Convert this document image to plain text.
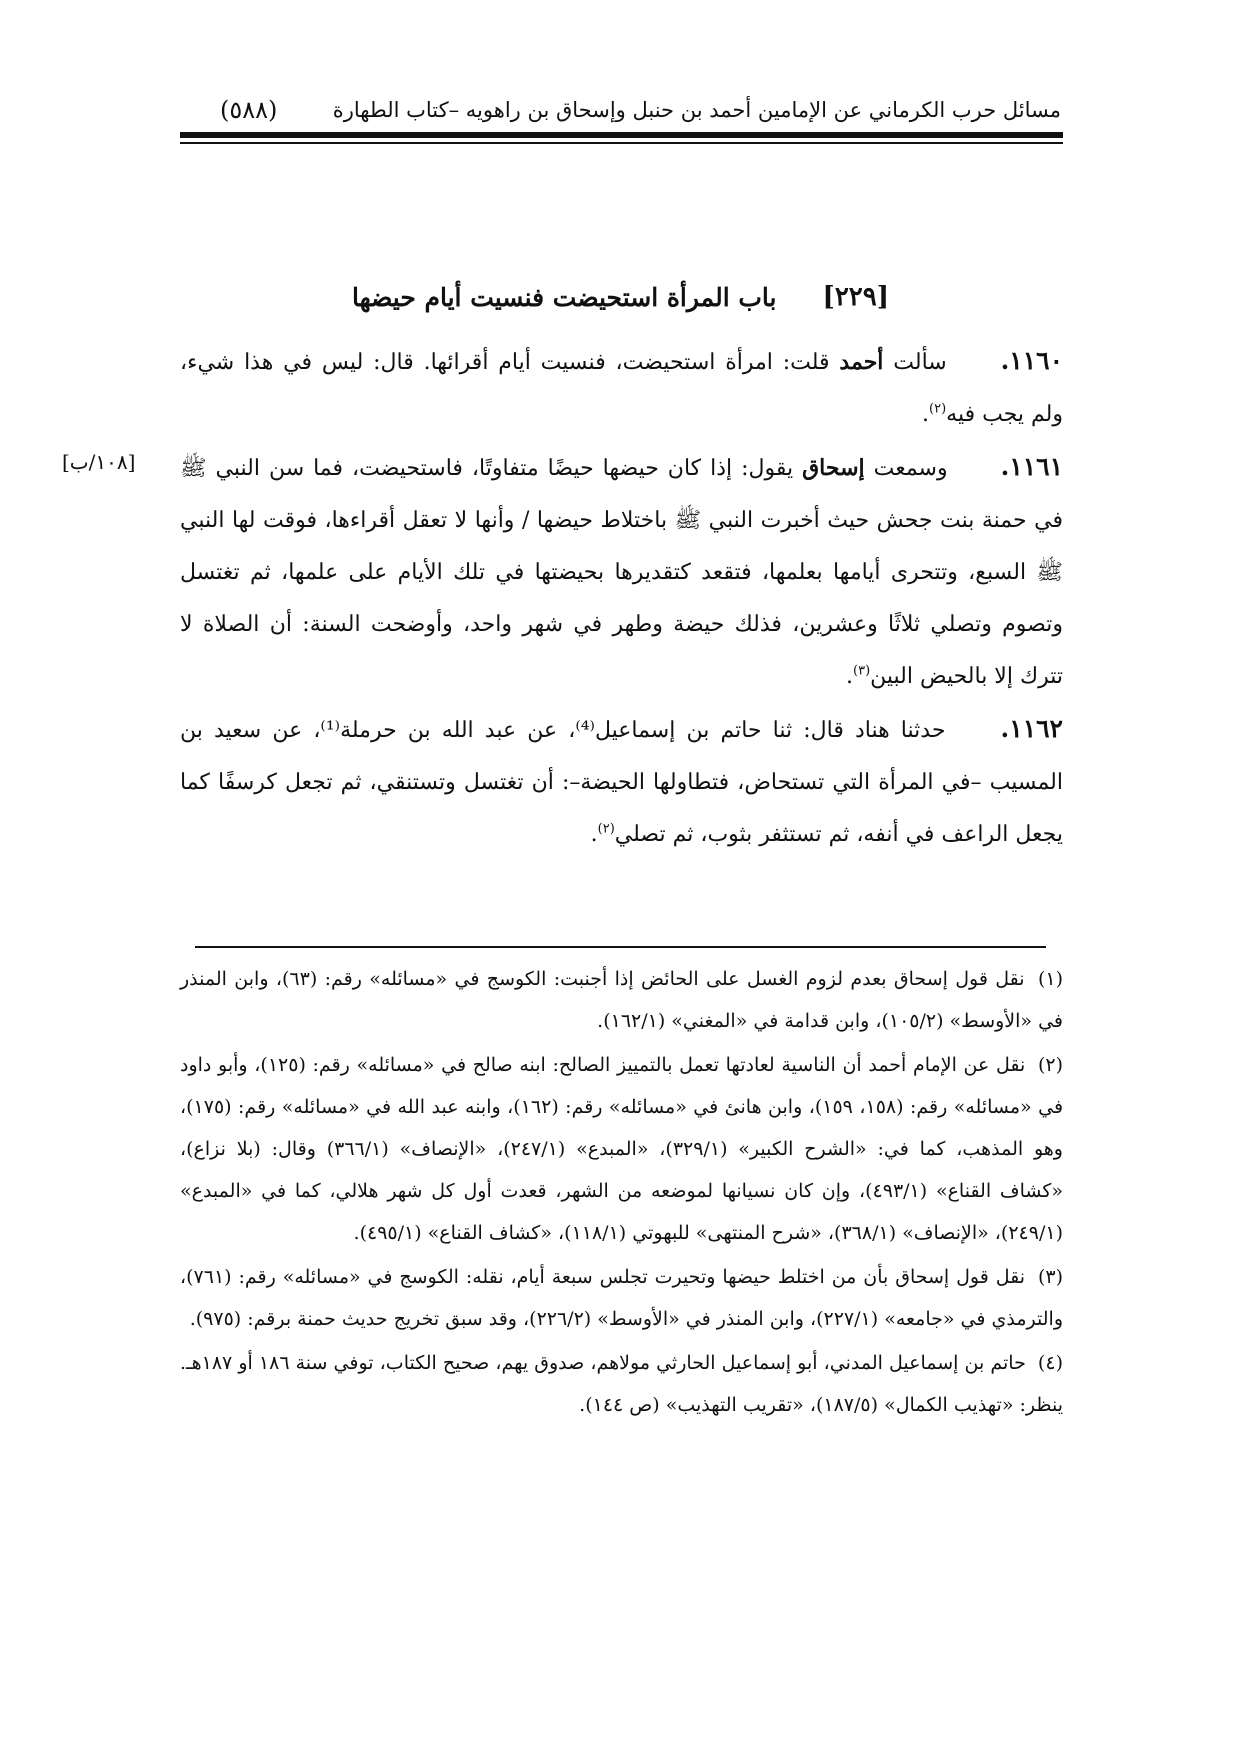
مسائل حرب الكرماني عن الإمامين أحمد بن حنبل وإسحاق بن راهويه –كتاب الطهارة
(٥٨٨)
[٢٢٩]
باب المرأة استحيضت فنسيت أيام حيضها
[١٠٨/ب]

١١٦٠. سألت أحمد قلت: امرأة استحيضت، فنسيت أيام أقرائها. قال: ليس في هذا شيء، ولم يجب فيه$^{(٢)}$.

١١٦١. وسمعت إسحاق يقول: إذا كان حيضها حيضًا متفاوتًا، فاستحيضت، فما سن النبي ﷺ في حمنة بنت جحش حيث أخبرت النبي ﷺ باختلاط حيضها / وأنها لا تعقل أقراءها، فوقت لها النبي ﷺ السبع، وتتحرى أيامها بعلمها، فتقعد كتقديرها بحيضتها في تلك الأيام على علمها، ثم تغتسل وتصوم وتصلي ثلاثًا وعشرين، فذلك حيضة وطهر في شهر واحد، وأوضحت السنة: أن الصلاة لا تترك إلا بالحيض البين$^{(٣)}$.

١١٦٢. حدثنا هناد قال: ثنا حاتم بن إسماعيل⁽⁴⁾، عن عبد الله بن حرملة⁽¹⁾، عن سعيد بن المسيب –في المرأة التي تستحاض، فتطاولها الحيضة–: أن تغتسل وتستنقي، ثم تجعل كرسفًا كما يجعل الراعف في أنفه، ثم تستثفر بثوب، ثم تصلي$^{(٢)}$.

(١) نقل قول إسحاق بعدم لزوم الغسل على الحائض إذا أجنبت: الكوسج في «مسائله» رقم: (٦٣)، وابن المنذر في «الأوسط» (١٠٥/٢)، وابن قدامة في «المغني» (١٦٢/١).

(٢) نقل عن الإمام أحمد أن الناسية لعادتها تعمل بالتمييز الصالح: ابنه صالح في «مسائله» رقم: (١٢٥)، وأبو داود في «مسائله» رقم: (١٥٨، ١٥٩)، وابن هانئ في «مسائله» رقم: (١٦٢)، وابنه عبد الله في «مسائله» رقم: (١٧٥)، وهو المذهب، كما في: «الشرح الكبير» (٣٢٩/١)، «المبدع» (٢٤٧/١)، «الإنصاف» (٣٦٦/١) وقال: (بلا نزاع)، «كشاف القناع» (٤٩٣/١)، وإن كان نسيانها لموضعه من الشهر، قعدت أول كل شهر هلالي، كما في «المبدع» (٢٤٩/١)، «الإنصاف» (٣٦٨/١)، «شرح المنتهى» للبهوتي (١١٨/١)، «كشاف القناع» (٤٩٥/١).

(٣) نقل قول إسحاق بأن من اختلط حيضها وتحيرت تجلس سبعة أيام، نقله: الكوسج في «مسائله» رقم: (٧٦١)، والترمذي في «جامعه» (٢٢٧/١)، وابن المنذر في «الأوسط» (٢٢٦/٢)، وقد سبق تخريج حديث حمنة برقم: (٩٧٥).

(٤) حاتم بن إسماعيل المدني، أبو إسماعيل الحارثي مولاهم، صدوق يهم، صحيح الكتاب، توفي سنة ١٨٦ أو ١٨٧هـ. ينظر: «تهذيب الكمال» (١٨٧/٥)، «تقريب التهذيب» (ص ١٤٤).
